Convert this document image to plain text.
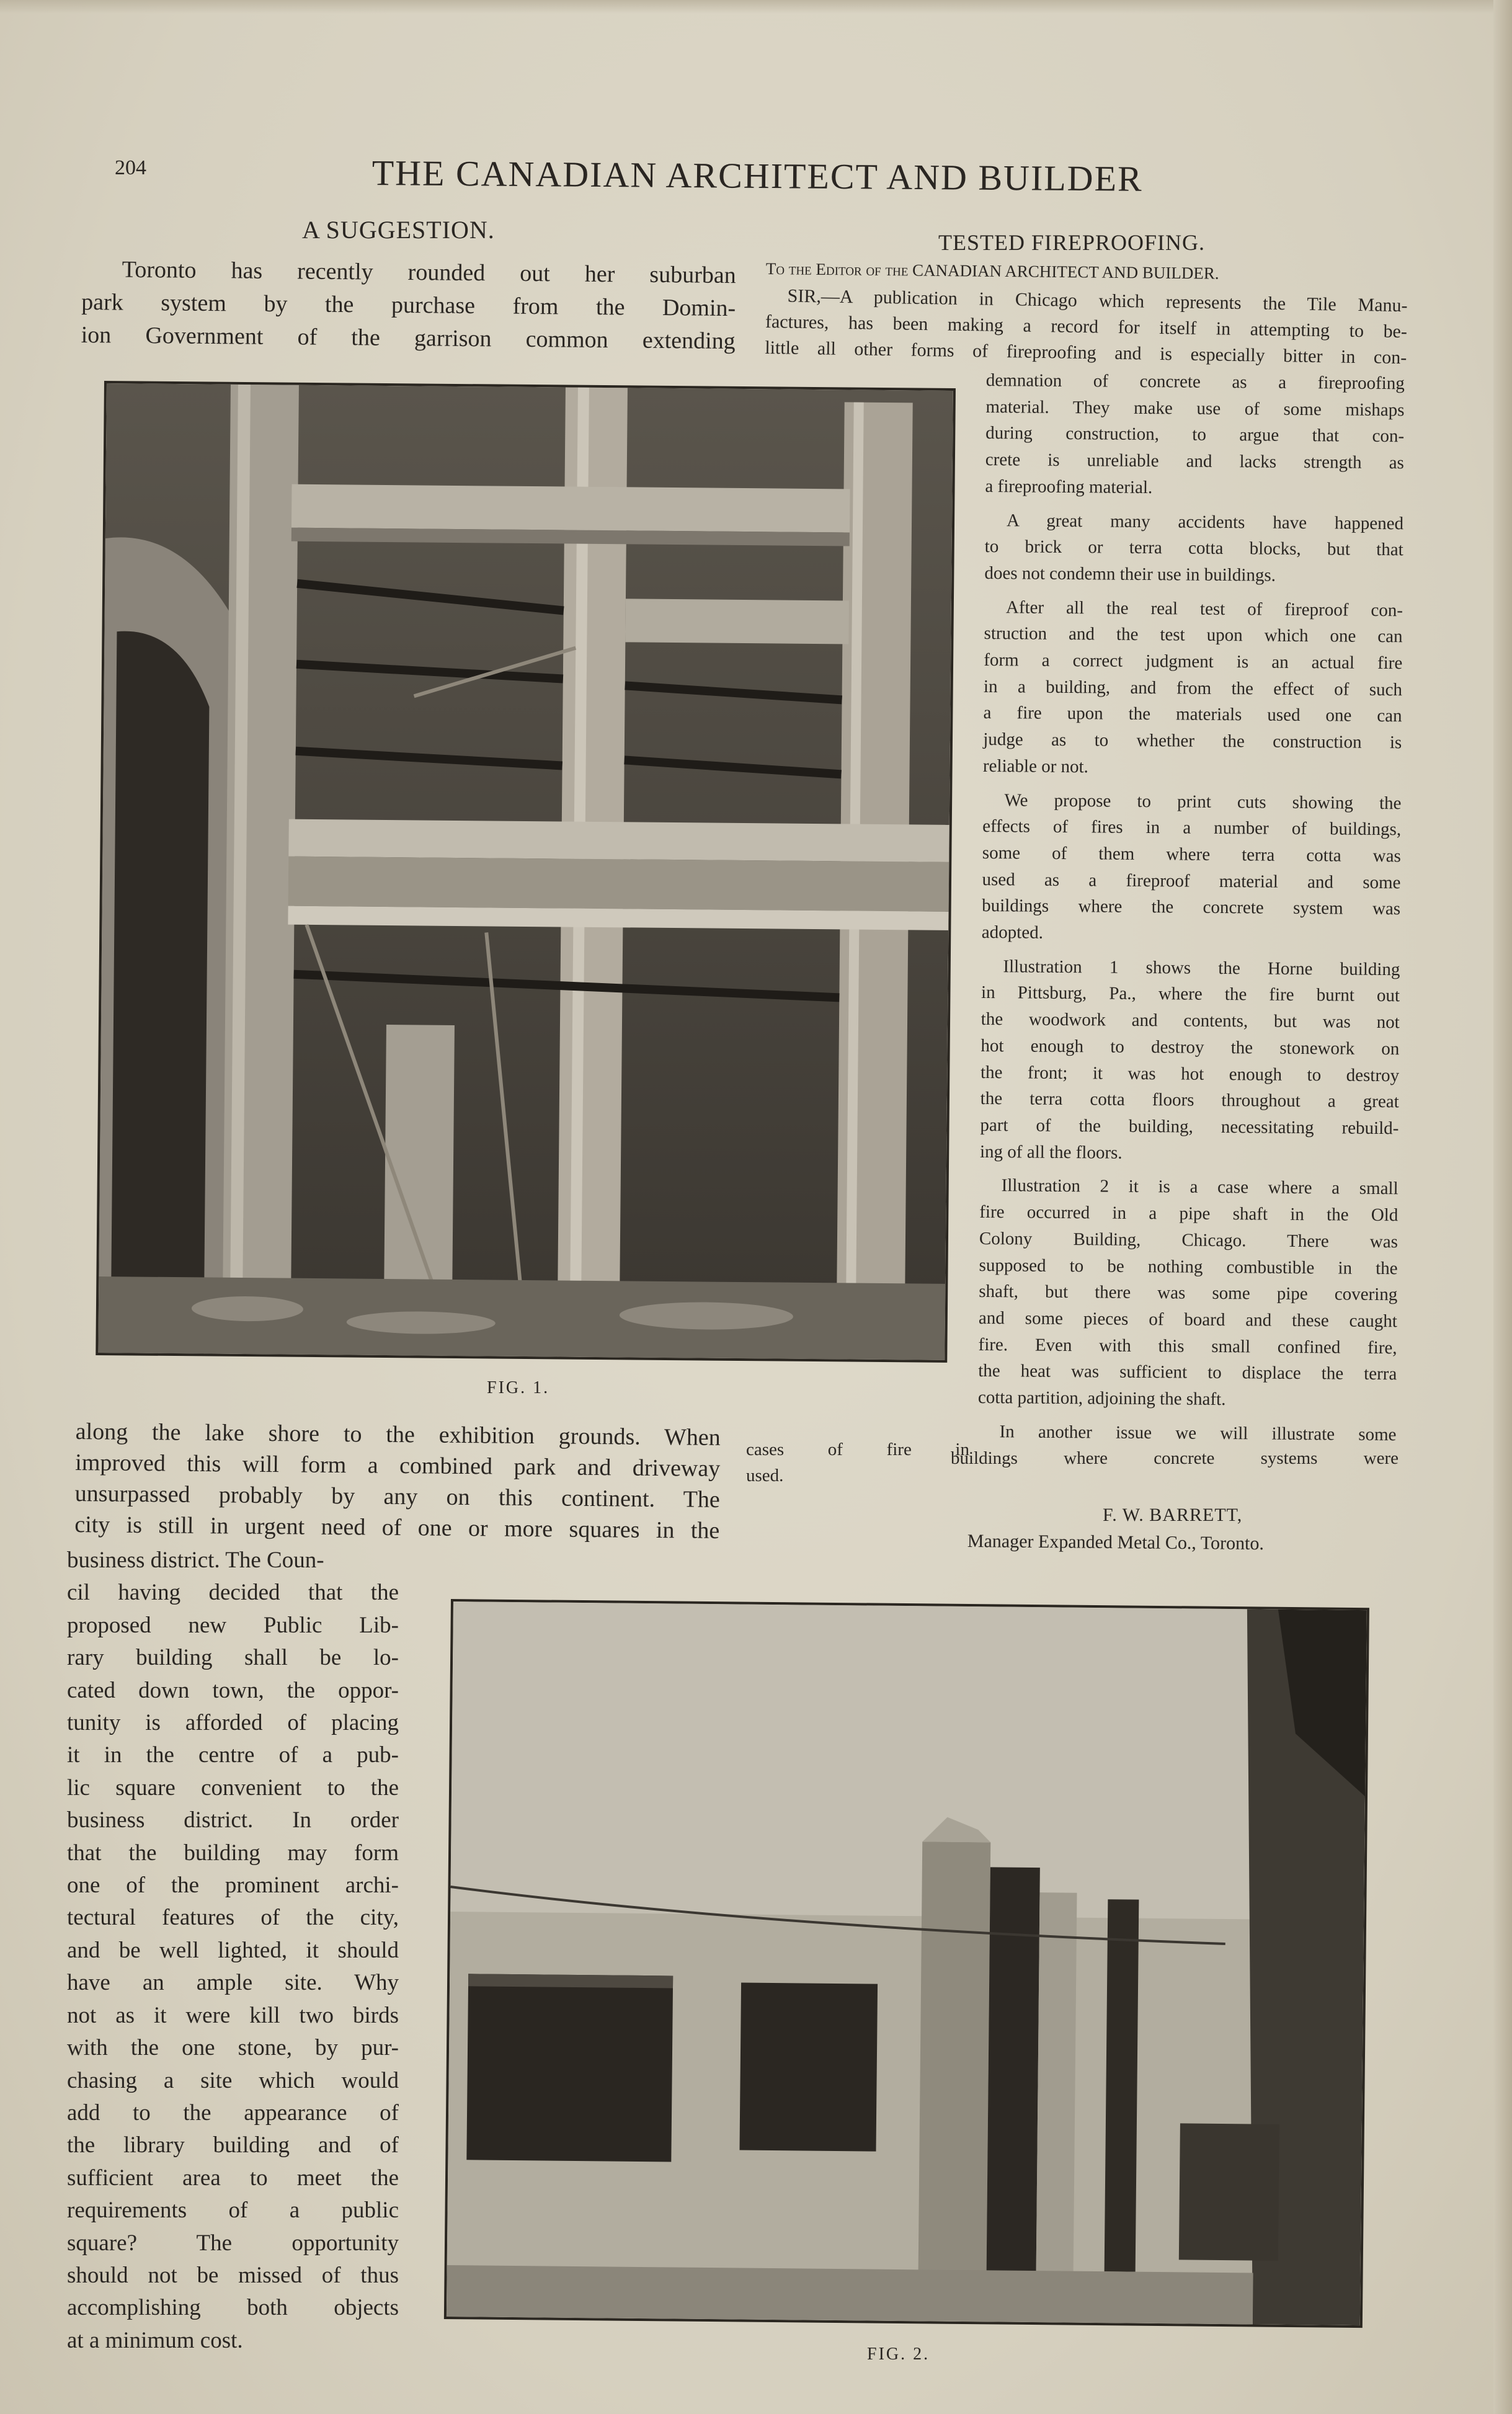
204	THE CANADIAN ARCHITECT AND BUILDER
A SUGGESTION.
Toronto has recently rounded out her suburban
park system by the purchase from the Domin-
ion Government of the garrison common extending
FIG. 1.
along the lake shore to the exhibition grounds. When
improved this will form a combined park and driveway
unsurpassed probably by any on this continent. The
city is still in urgent need of one or more squares in the
business district. The Coun-
cil having decided that the
proposed new Public Lib-
rary building shall be lo-
cated down town, the oppor-
tunity is afforded of placing
it in the centre of a pub-
lic square convenient to the
business district. In order
that the building may form
one of the prominent archi-
tectural features of the city,
and be well lighted, it should
have an ample site. Why
not as it were kill two birds
with the one stone, by pur-
chasing a site which would
add to the appearance of
the library building and of
sufficient area to meet the
requirements of a public
square? The opportunity
should not be missed of thus
accomplishing both objects
at a minimum cost.
FIG. 2.
TESTED FIREPROOFING.
To the Editor of the CANADIAN ARCHITECT AND BUILDER.
SIR,—A publication in Chicago which represents the Tile Manu-
factures, has been making a record for itself in attempting to be-
little all other forms of fireproofing and is especially bitter in con-
demnation of concrete as a fireproofing
material. They make use of some mishaps
during construction, to argue that con-
crete is unreliable and lacks strength as
a fireproofing material.
A great many accidents have happened
to brick or terra cotta blocks, but that
does not condemn their use in buildings.
After all the real test of fireproof con-
struction and the test upon which one can
form a correct judgment is an actual fire
in a building, and from the effect of such
a fire upon the materials used one can
judge as to whether the construction is
reliable or not.
We propose to print cuts showing the
effects of fires in a number of buildings,
some of them where terra cotta was
used as a fireproof material and some
buildings where the concrete system was
adopted.
Illustration 1 shows the Horne building
in Pittsburg, Pa., where the fire burnt out
the woodwork and contents, but was not
hot enough to destroy the stonework on
the front; it was hot enough to destroy
the terra cotta floors throughout a great
part of the building, necessitating rebuild-
ing of all the floors.
Illustration 2 it is a case where a small
fire occurred in a pipe shaft in the Old
Colony Building, Chicago. There was
supposed to be nothing combustible in the
shaft, but there was some pipe covering
and some pieces of board and these caught
fire. Even with this small confined fire,
the heat was sufficient to displace the terra
cotta partition, adjoining the shaft.
In another issue we will illustrate some
cases of fire in
used.
buildings where concrete systems were
F. W. BARRETT,
Manager Expanded Metal Co., Toronto.
